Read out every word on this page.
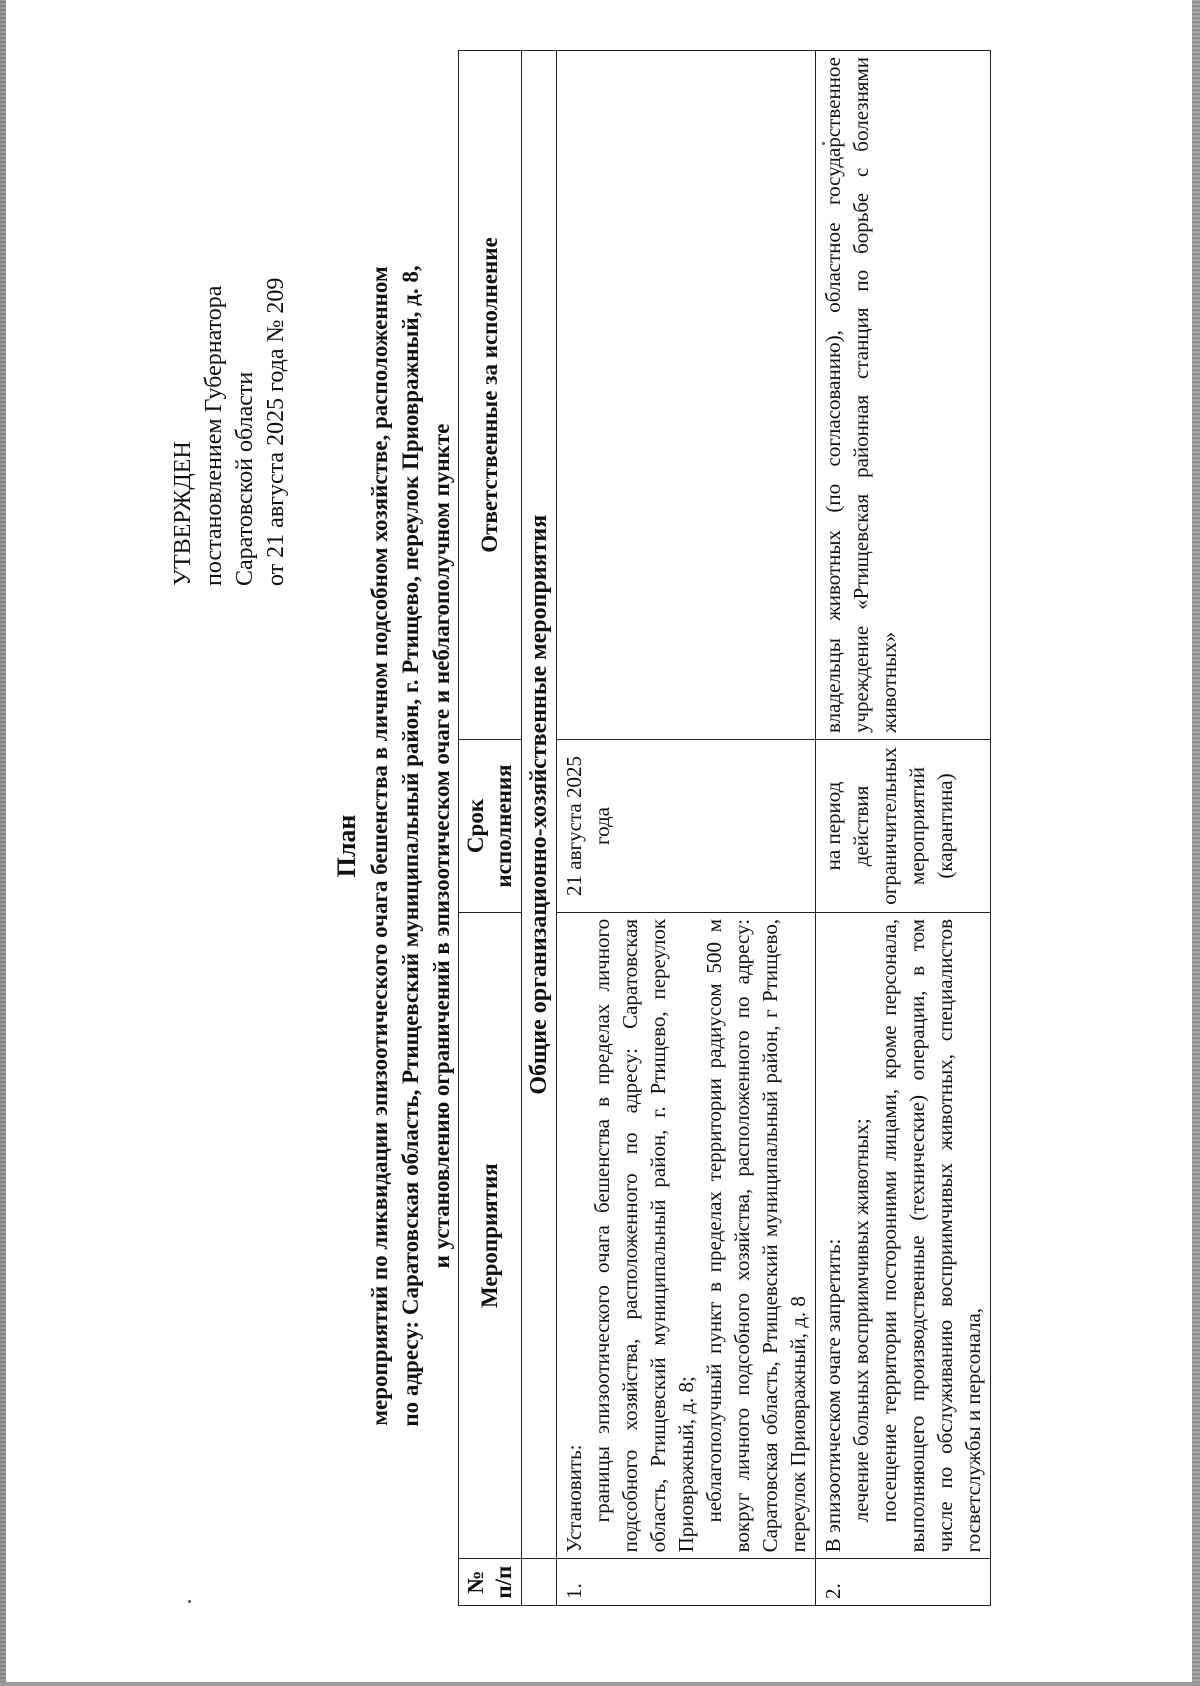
УТВЕРЖДЕН постановлением Губернатора Саратовской области от 21 августа 2025 года № 209
План мероприятий по ликвидации эпизоотического очага бешенства в личном подсобном хозяйстве, расположенном по адресу: Саратовская область, Ртищевский муниципальный район, г. Ртищево, переулок Приовражный, д. 8, и установлению ограничений в эпизоотическом очаге и неблагополучном пункте
№ п/п	Мероприятия	Срок исполнения	Ответственные за исполнение
	Общие организационно-хозяйственные мероприятия		
1.	Установить: границы эпизоотического очага бешенства в пределах личного подсобного хозяйства, расположенного по адресу: Саратовская область, Ртищевский муниципальный район, г. Ртищево, переулок Приовражный, д. 8; неблагополучный пункт в пределах территории радиусом 500 м вокруг личного подсобного хозяйства, расположенного по адресу: Саратовская область, Ртищевский муниципальный район, г Ртищево, переулок Приовражный, д. 8	21 августа 2025 года	
2.	В эпизоотическом очаге запретить: лечение больных восприимчивых животных; посещение территории посторонними лицами, кроме персонала, выполняющего производственные (технические) операции, в том числе по обслуживанию восприимчивых животных, специалистов госветслужбы и персонала,	на период действия ограничительных мероприятий (карантина)	владельцы животных (по согласованию), областное государственное учреждение «Ртищевская районная станция по борьбе с болезнями животных»
